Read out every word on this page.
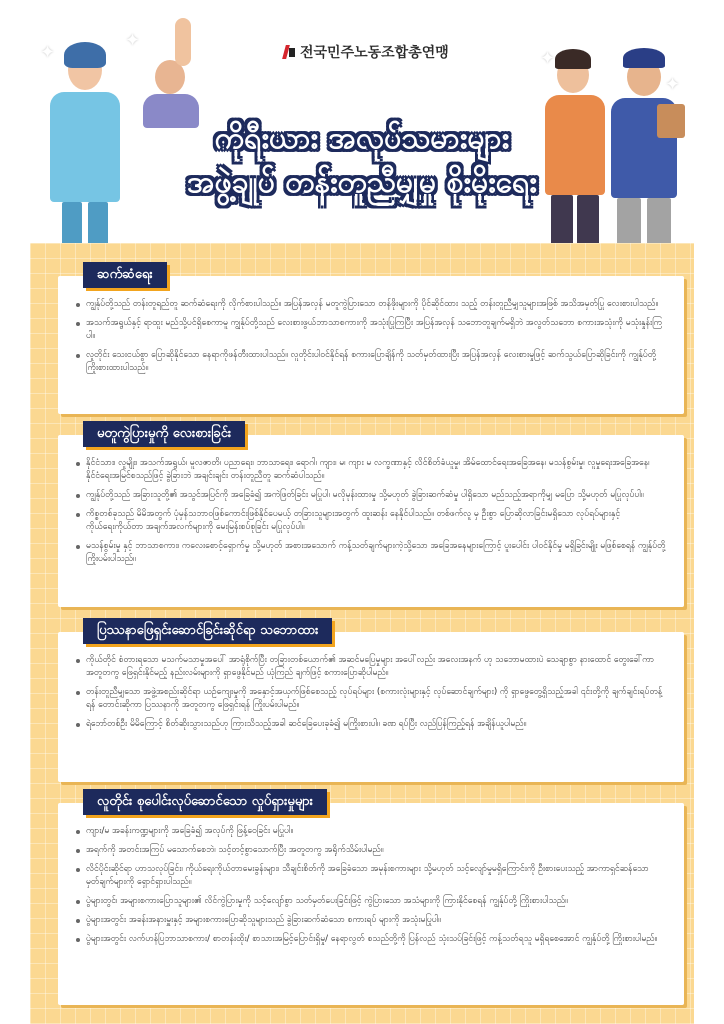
전국민주노동조합총연맹
✦
✦
✦
✦
ကိုရီးယား အလုပ်သမားများ
အဖွဲ့ချုပ် တန်းတူညီမျှမှု စိုးမိုးရေး
ဆက်ဆံရေး
ကျွန်ုပ်တို့သည် တန်းတူရည်တူ ဆက်ဆံရေးကို လိုက်စားပါသည်။ အပြန်အလှန် မတူကွဲပြားသော တန်ဖိုးများကို ပိုင်ဆိုင်ထား သည့် တန်းတူညီမျှသူများအဖြစ် အသိအမှတ်ပြု လေးစားပါသည်။
အသက်အရွယ်နှင့် ရာထူး မည်သို့ပင်ရှိစေကာမူ ကျွန်ုပ်တို့သည် လေးစားဖွယ်ဘာသာစကားကို အသုံးပြုကြပြီး အပြန်အလှန် သဘောတူချက်မရှိဘဲ အလွတ်သဘော စကားအသုံးကို မသုံးနှုန်းကြပါ။
လူတိုင်း သေးငယ်စွာ ပြောဆိုနိုင်သော နေရာကိုဖန်တီးထားပါသည်။ လူတိုင်းပါဝင်နိုင်ရန် စကားပြောချိန်ကို သတ်မှတ်ထားပြီး အပြန်အလှန် လေးစားမှုဖြင့် ဆက်သွယ်ပြောဆိုခြင်းကို ကျွန်ုပ်တို့ကြိုးစားထားပါသည်။
မတူကွဲပြားမှုကို လေးစားခြင်း
နိုင်ငံသား၊ လူမျိုး၊ အသက်အရွယ်၊ မူလဇာတိ၊ ပညာရေး၊ ဘာသာရေး၊ ရောဂါ၊ ကျား၊ မ၊ ကျား မ လက္ခဏာနှင့် လိင်စိတ်ခံယူမှု၊ အိမ်ထောင်ရေးအခြေအနေ၊ မသန်စွမ်းမှု၊ လူမှုရေးအခြေအနေ၊ နိုင်ငံရေးအမြင်စသည်ဖြင့် ခွဲခြားဘဲ အချင်းချင်း တန်းတူညီတူ ဆက်ဆံပါသည်။
ကျွန်ုပ်တို့သည် အခြားသူတို့၏ အသွင်အပြင်ကို အခြေခံ၍ အကဲဖြတ်ခြင်း မပြုပါ၊ မလိုမုန်းထားမှု သို့မဟုတ် ခွဲခြားဆက်ဆံမှု ပါရှိသော မည်သည့်အရာကိုမျှ မပြော သို့မဟုတ် မပြုလုပ်ပါ။
ကိစ္စတစ်ခုသည် မိမိအတွက် ပုံမှန်သဘာဝဖြစ်ကောင်းဖြစ်နိုင်ပေမယ့် တခြားသူများအတွက် ထူးဆန်း နေနိုင်ပါသည်။ တစ်ဖက်လူ မှ ဦးစွာ ပြောဆိုလာခြင်းမရှိသော လုပ်ရပ်များနှင့် ကိုယ်ရေးကိုယ်တာ အချက်အလက်များကို မေးမြန်းစပ်စုခြင်း မပြုလုပ်ပါ။
မသန်စွမ်းမှု နှင့် ဘာသာစကား၊ ကလေးစောင့်ရှောက်မှု သို့မဟုတ် အစားအသောက် ကန့်သတ်ချက်များကဲ့သို့သော အခြေအနေများကြောင့် ပူးပေါင်း ပါဝင်နိုင်မှု မရှိခြင်းမျိုး မဖြစ်စေရန် ကျွန်ုပ်တို့ ကြိုးပမ်းပါသည်။
ပြဿနာဖြေရှင်းဆောင်ခြင်းဆိုင်ရာ သဘောထား
ကိုယ်တိုင် စံတားရသော မသက်မသာမှုအပေါ် အာရုံစိုက်ပြီး တခြားတစ်ယောက်၏ အဆင်မပြေမှုများ အပေါ်လည်း အလေးအနက် ဟု သဘောမထားပဲ သေချာစွာ နားထောင် တွေးခေါ်ကာ အတူတကွ ဖြေရှင်းနိုင်မည့် နည်းလမ်းများကို ရှာဖွေနိုင်မည် ယုံကြည် ချက်ဖြင့် စကားပြောဆိုပါမည်။
တန်းတူညီမျှသော အဖွဲ့အစည်းဆိုင်ရာ ယဉ်ကျေးမှုကို အနှောင့်အယှက်ဖြစ်စေသည့် လုပ်ရပ်များ (စကားလုံးများနှင့် လုပ်ဆောင်ချက်များ) ကို ရှာဖွေတွေ့ရှိသည့်အခါ ၎င်းတို့ကို ချက်ချင်းရပ်တန့်ရန် တောင်းဆိုကာ ပြဿနာကို အတူတကွ ဖြေရှင်းရန် ကြိုးပမ်းပါမည်။
ရဲဘော်တစ်ဦး မိမိကြောင့် စိတ်ဆိုးသွားသည်ဟု ကြားသိသည့်အခါ ဆင်ခြေပေးခုခံ၍ မကြိုးစားပါ။ ခဏ ရပ်ပြီး လည်ပြန်ကြည့်ရန် အချိန်ယူပါမည်။
လူတိုင်း စုပေါင်းလုပ်ဆောင်သော လှုပ်ရှားမှုများ
ကျား/မ အခန်းကဏ္ဍများကို အခြေခံ၍ အလုပ်ကို ဖြန့်ဝေခြင်း မပြုပါ။
အရက်ကို အတင်းအကြပ် မသောက်စေဘဲ၊ သင့်တင့်စွာသောက်ပြီး အတူတကွ အရိုက်သိမ်းပါမည်။
လိင်ပိုင်းဆိုင်ရာ ဟာသလုပ်ခြင်း၊ ကိုယ်ရေးကိုယ်တာမေးခွန်းများ၊ သီချင်းစိတ်ကို အခြေခံသော အမုန်းစကားများ သို့မဟုတ် သင့်လျော်မှုမရှိကြောင်းကို ဦးစားပေးသည့် အာကာရှင်ဆန်သော မှတ်ချက်များကို ရှောင်ရှားပါသည်။
ပွဲများတွင်၊ အများစကားပြောသူများ၏ လိင်ကွဲပြားမှုကို သင့်လျော်စွာ သတ်မှတ်ပေးခြင်းဖြင့် ကွဲပြားသော အသံများကို ကြားနိုင်စေရန် ကျွန်ုပ်တို့ ကြိုးစားပါသည်။
ပွဲများအတွင်း အခန်းအနားမှူးနှင့် အများစကားပြောဆိုသူများသည် ခွဲခြားဆက်ဆံသော စကားရပ် များကို အသုံးမပြုပါ။
ပွဲများအတွင်း လက်ဟန်ပြဘာသာစကား/ စာတန်းထိုး/ စာသားအမြင့်ပြောင်းရှိမှု/ နေရာလွတ် စသည်တို့ကို ပြန်လည် သုံးသပ်ခြင်းဖြင့် ကန့်သတ်ရသူ မရှိရစေအောင် ကျွန်ုပ်တို့ ကြိုးစားပါမည်။
